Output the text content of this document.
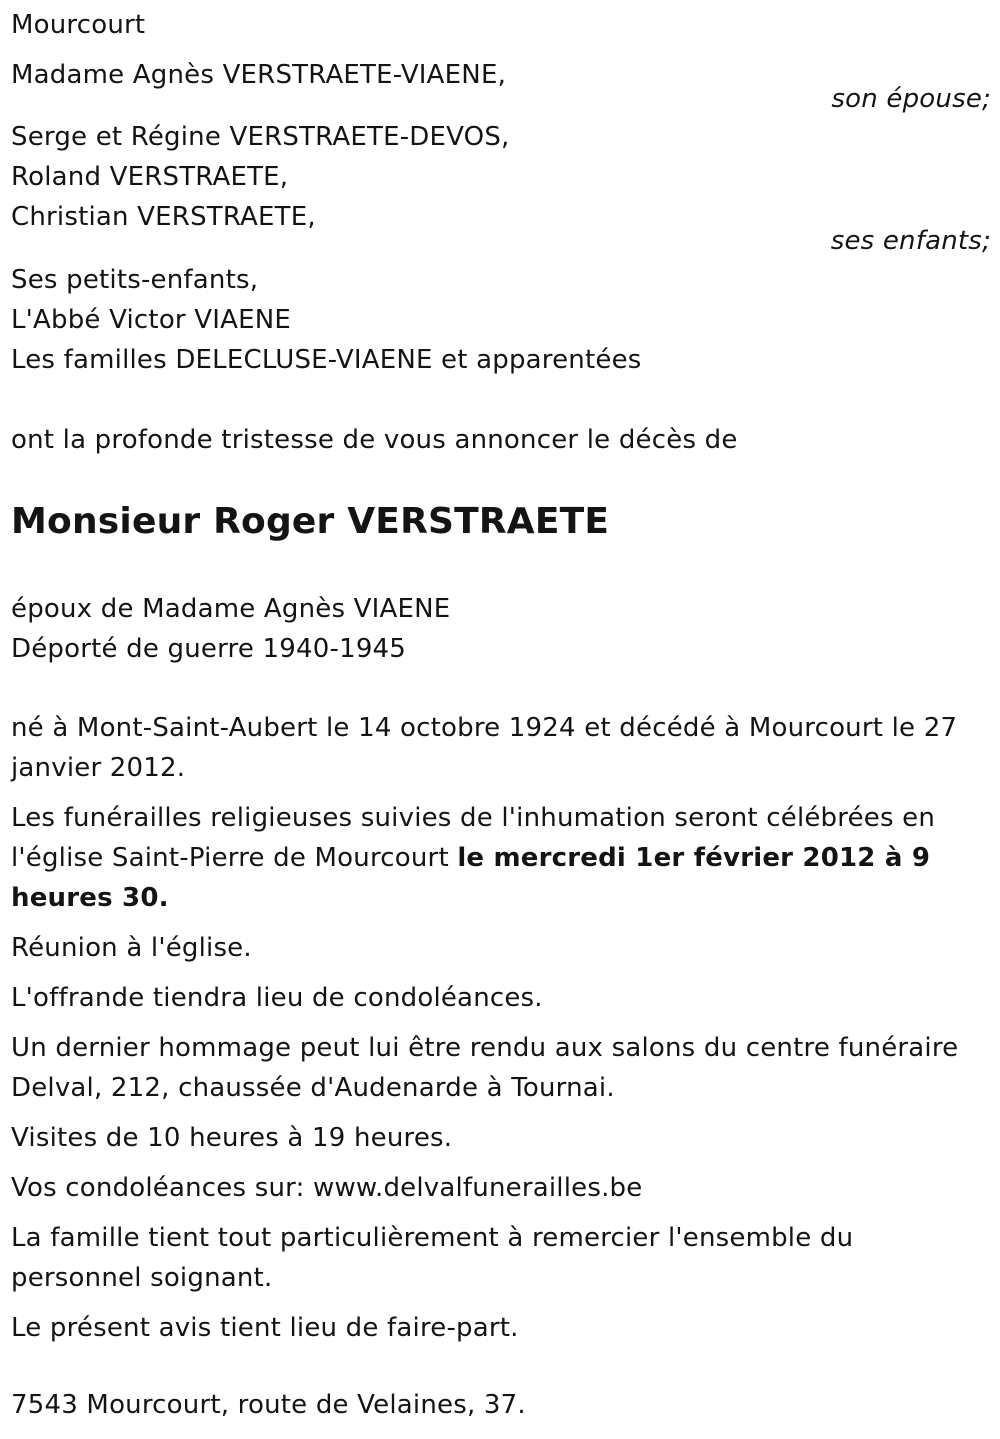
Mourcourt
Madame Agnès VERSTRAETE-VIAENE,
son épouse;
Serge et Régine VERSTRAETE-DEVOS,
Roland VERSTRAETE,
Christian VERSTRAETE,
ses enfants;
Ses petits-enfants,
L'Abbé Victor VIAENE
Les familles DELECLUSE-VIAENE et apparentées
ont la profonde tristesse de vous annoncer le décès de
Monsieur Roger VERSTRAETE
époux de Madame Agnès VIAENE
Déporté de guerre 1940-1945
né à Mont-Saint-Aubert le 14 octobre 1924 et décédé à Mourcourt le 27 janvier 2012.
Les funérailles religieuses suivies de l'inhumation seront célébrées en l'église Saint-Pierre de Mourcourt le mercredi 1er février 2012 à 9 heures 30.
Réunion à l'église.
L'offrande tiendra lieu de condoléances.
Un dernier hommage peut lui être rendu aux salons du centre funéraire Delval, 212, chaussée d'Audenarde à Tournai.
Visites de 10 heures à 19 heures.
Vos condoléances sur: www.delvalfunerailles.be
La famille tient tout particulièrement à remercier l'ensemble du personnel soignant.
Le présent avis tient lieu de faire-part.
7543 Mourcourt, route de Velaines, 37.
